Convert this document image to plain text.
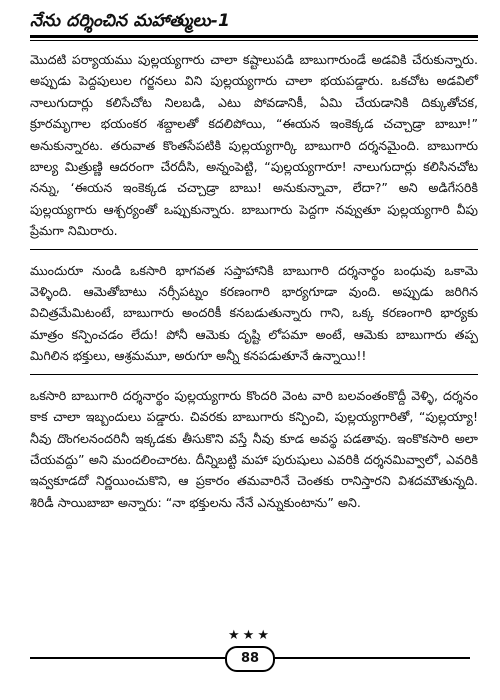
నేను దర్శించిన మహాత్ములు-1

మొదటి పర్యాయము పుల్లయ్యగారు చాలా కష్టాలుపడి బాబుగారుండే అడవికి చేరుకున్నారు. అప్పుడు పెద్దపులుల గర్జనలు విని పుల్లయ్యగారు చాలా భయపడ్డారు. ఒకచోట అడవిలో నాలుగుదార్లు కలిసేచోట నిలబడి, ఎటు పోవడానికీ, ఏమి చేయడానికి దిక్కుతోచక, క్రూరమృగాల భయంకర శబ్దాలతో కదలిపోయి, “ఈయన ఇంకెక్కడ చచ్చాడ్రా బాబూ!” అనుకున్నారట. తరువాత కొంతసేపటికి పుల్లయ్యగార్కి బాబుగారి దర్శనమైంది. బాబుగారు బాల్య మిత్రుణ్ణి ఆదరంగా చేరదీసి, అన్నంపెట్టి, “పుల్లయ్యగారూ! నాలుగుదార్లు కలిసినచోట నన్ను, ‘ఈయన ఇంకెక్కడ చచ్చాడ్రా బాబు! అనుకున్నావా, లేదా?” అని అడిగేసరికి పుల్లయ్యగారు ఆశ్చర్యంతో ఒప్పుకున్నారు. బాబుగారు పెద్దగా నవ్వుతూ పుల్లయ్యగారి వీపు ప్రేమగా నిమిరారు.

ముందురూ నుండి ఒకసారి భాగవత సప్తాహానికి బాబుగారి దర్శనార్థం బంధువు ఒకామె వెళ్ళింది. ఆమెతోబాటు నర్సీపట్నం కరణంగారి భార్యగూడా వుంది. అప్పుడు జరిగిన విచిత్రమేమిటంటే, బాబుగారు అందరికీ కనబడుతున్నారు గాని, ఒక్క కరణంగారి భార్యకు మాత్రం కన్పించడం లేదు! పోనీ ఆమెకు దృష్టి లోపమా అంటే, ఆమెకు బాబుగారు తప్ప మిగిలిన భక్తులు, ఆశ్రమమూ, అరుగూ అన్నీ కనపడుతూనే ఉన్నాయి!!

ఒకసారి బాబుగారి దర్శనార్థం పుల్లయ్యగారు కొందరి వెంట వారి బలవంతంకొద్దీ వెళ్ళి, దర్శనం కాక చాలా ఇబ్బందులు పడ్డారు. చివరకు బాబుగారు కన్పించి, పుల్లయ్యగారితో, “పుల్లయ్యా! నీవు దొంగలనందరినీ ఇక్కడకు తీసుకొని వస్తే నీవు కూడ అవస్థ పడతావు. ఇంకొకసారి అలా చేయవద్దు” అని మందలించారట. దీన్నిబట్టి మహా పురుషులు ఎవరికి దర్శనమివ్వాలో, ఎవరికి ఇవ్వకూడదో నిర్ణయించుకొని, ఆ ప్రకారం తమవారినే చెంతకు రానిస్తారని విశదమౌతున్నది. శిరిడీ సాయిబాబా అన్నారు: “నా భక్తులను నేనే ఎన్నుకుంటాను” అని.

★★★
88
